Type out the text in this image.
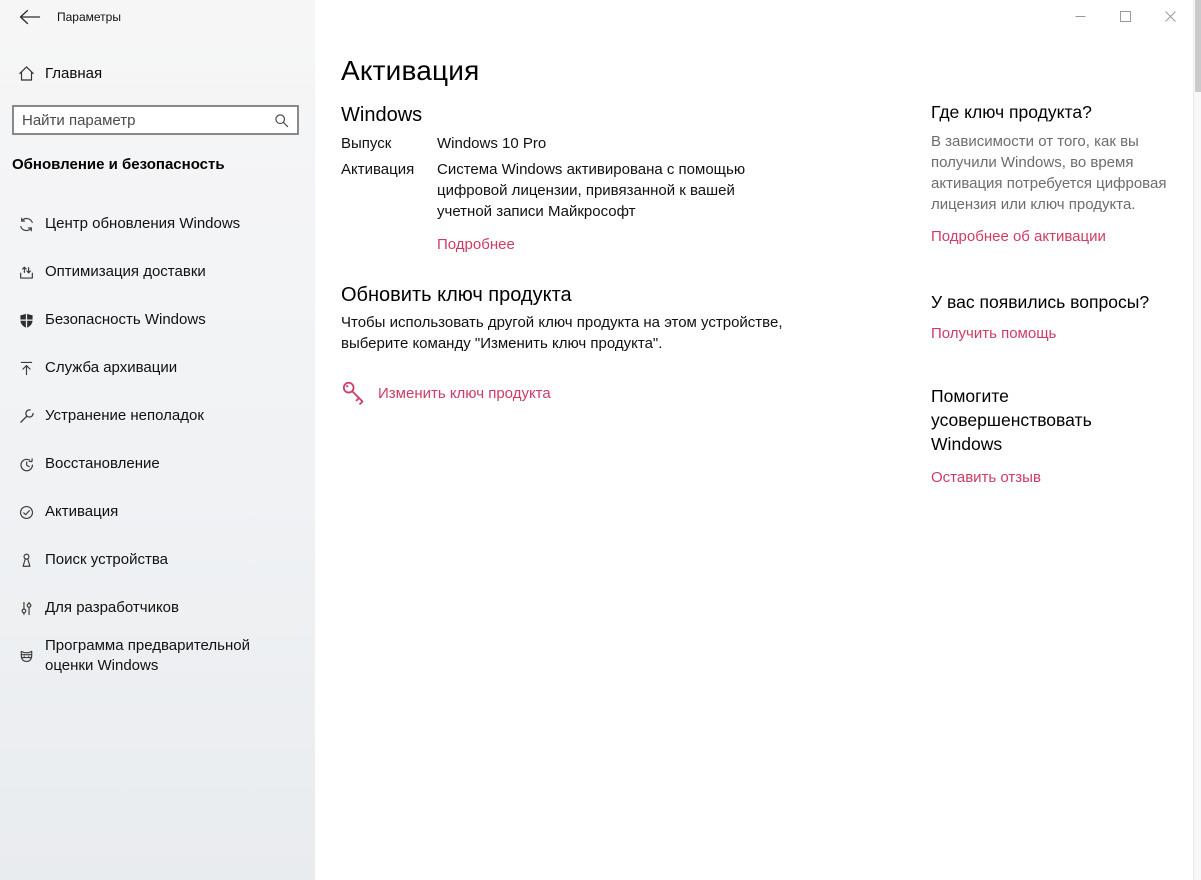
Параметры
Главная
Найти параметр
Обновление и безопасность
Центр обновления Windows
Оптимизация доставки
Безопасность Windows
Служба архивации
Устранение неполадок
Восстановление
Активация
Поиск устройства
Для разработчиков
Программа предварительной оценки Windows
Активация
Windows
Выпуск	Windows 10 Pro
Активация	Система Windows активирована с помощью цифровой лицензии, привязанной к вашей учетной записи Майкрософт
Подробнее
Обновить ключ продукта

Чтобы использовать другой ключ продукта на этом устройстве, выберите команду "Изменить ключ продукта".

Изменить ключ продукта
Где ключ продукта?

В зависимости от того, как вы получили Windows, во время активация потребуется цифровая лицензия или ключ продукта.

Подробнее об активации
У вас появились вопросы?
Получить помощь
Помогите усовершенствовать Windows
Оставить отзыв
